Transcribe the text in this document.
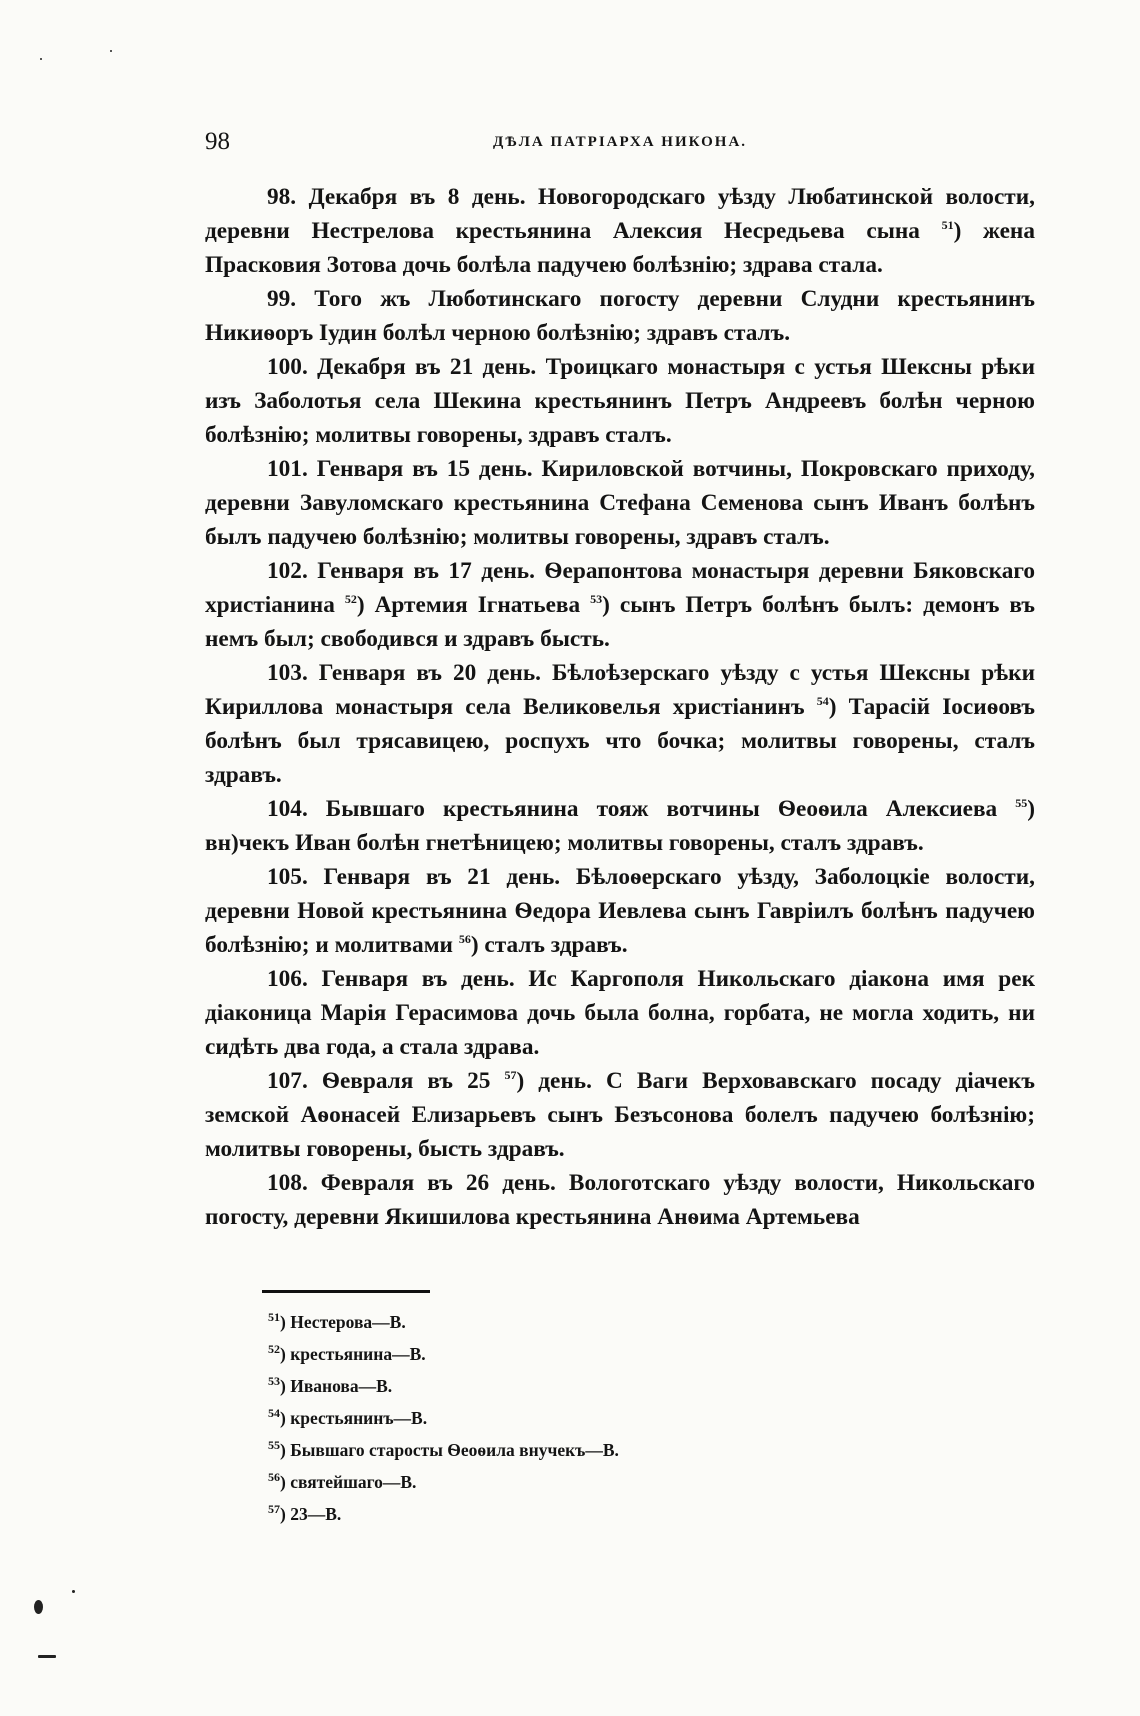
98	ДѢЛА ПАТРІАРХА НИКОНА.

98. Декабря въ 8 день. Новогородскаго уѣзду Любатинской волости, деревни Нестрелова крестьянина Алексия Несредьева сына $^{51}$) жена Прасковия Зотова дочь болѣла падучею болѣзнію; здрава стала.

99. Того жъ Люботинскаго погосту деревни Слудни крестьянинъ Никиѳоръ Іудин болѣл черною болѣзнію; здравъ сталъ.

100. Декабря въ 21 день. Троицкаго монастыря с устья Шексны рѣки изъ Заболотья села Шекина крестьянинъ Петръ Андреевъ болѣн черною болѣзнію; молитвы говорены, здравъ сталъ.

101. Генваря въ 15 день. Кириловской вотчины, Покровскаго приходу, деревни Завуломскаго крестьянина Стефана Семенова сынъ Иванъ болѣнъ былъ падучею болѣзнію; молитвы говорены, здравъ сталъ.

102. Генваря въ 17 день. Ѳерапонтова монастыря деревни Бяковскаго христіанина $^{52}$) Артемия Ігнатьева $^{53}$) сынъ Петръ болѣнъ былъ: демонъ въ немъ был; свободився и здравъ бысть.

103. Генваря въ 20 день. Бѣлоѣзерскаго уѣзду с устья Шексны рѣки Кириллова монастыря села Великовелья христіанинъ $^{54}$) Тарасій Іосиѳовъ болѣнъ был трясавицею, роспухъ что бочка; молитвы говорены, сталъ здравъ.

104. Бывшаго крестьянина тояж вотчины Ѳеоѳила Алексиева $^{55}$) вн)чекъ Иван болѣн гнетѣницею; молитвы говорены, сталъ здравъ.

105. Генваря въ 21 день. Бѣлоѳерскаго уѣзду, Заболоцкіе волости, деревни Новой крестьянина Ѳедора Иевлева сынъ Гавріилъ болѣнъ падучею болѣзнію; и молитвами $^{56}$) сталъ здравъ.

106. Генваря въ день. Ис Каргополя Никольскаго діакона имя рек діаконица Марія Герасимова дочь была болна, горбата, не могла ходить, ни сидѣть два года, а стала здрава.

107. Ѳевраля въ 25 $^{57}$) день. С Ваги Верховавскаго посаду діачекъ земской Аѳонасей Елизарьевъ сынъ Безъсонова болелъ падучею болѣзнію; молитвы говорены, бысть здравъ.

108. Февраля въ 26 день. Вологотскаго уѣзду волости, Никольскаго погосту, деревни Якишилова крестьянина Анѳима Артемьева

$^{51}$) Нестерова—В.

$^{52}$) крестьянина—В.

$^{53}$) Иванова—В.

$^{54}$) крестьянинъ—В.

$^{55}$) Бывшаго старосты Ѳеоѳила внучекъ—В.

$^{56}$) святейшаго—В.

$^{57}$) 23—В.
